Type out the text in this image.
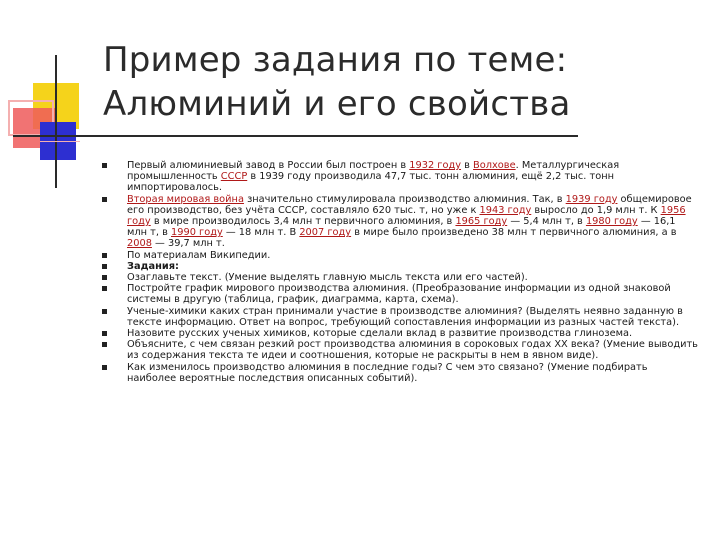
Пример задания по теме:
Алюминий и его свойства
Первый алюминиевый завод в России был построен в 1932 году в Волхове. Металлургическая промышленность СССР в 1939 году производила 47,7 тыс. тонн алюминия, ещё 2,2 тыс. тонн импортировалось.
Вторая мировая война значительно стимулировала производство алюминия. Так, в 1939 году общемировое его производство, без учёта СССР, составляло 620 тыс. т, но уже к 1943 году выросло до 1,9 млн т. К 1956 году в мире производилось 3,4 млн т первичного алюминия, в 1965 году — 5,4 млн т, в 1980 году — 16,1 млн т, в 1990 году — 18 млн т. В 2007 году в мире было произведено 38 млн т первичного алюминия, а в 2008 — 39,7 млн т.
По материалам Википедии.
Задания:
Озаглавьте текст. (Умение выделять главную мысль текста или его частей).
Постройте график мирового производства алюминия. (Преобразование информации из одной знаковой системы в другую (таблица, график, диаграмма, карта, схема).
Ученые-химики каких стран принимали участие в производстве алюминия? (Выделять неявно заданную в тексте информацию. Ответ на вопрос, требующий сопоставления информации из разных частей текста).
Назовите русских ученых химиков, которые сделали вклад в развитие производства глинозема.
Объясните, с чем связан резкий рост производства алюминия в сороковых годах XX века? (Умение выводить из содержания текста те идеи и соотношения, которые не раскрыты в нем в явном виде).
Как изменилось производство алюминия в последние годы? С чем это связано? (Умение подбирать наиболее вероятные последствия описанных событий).
